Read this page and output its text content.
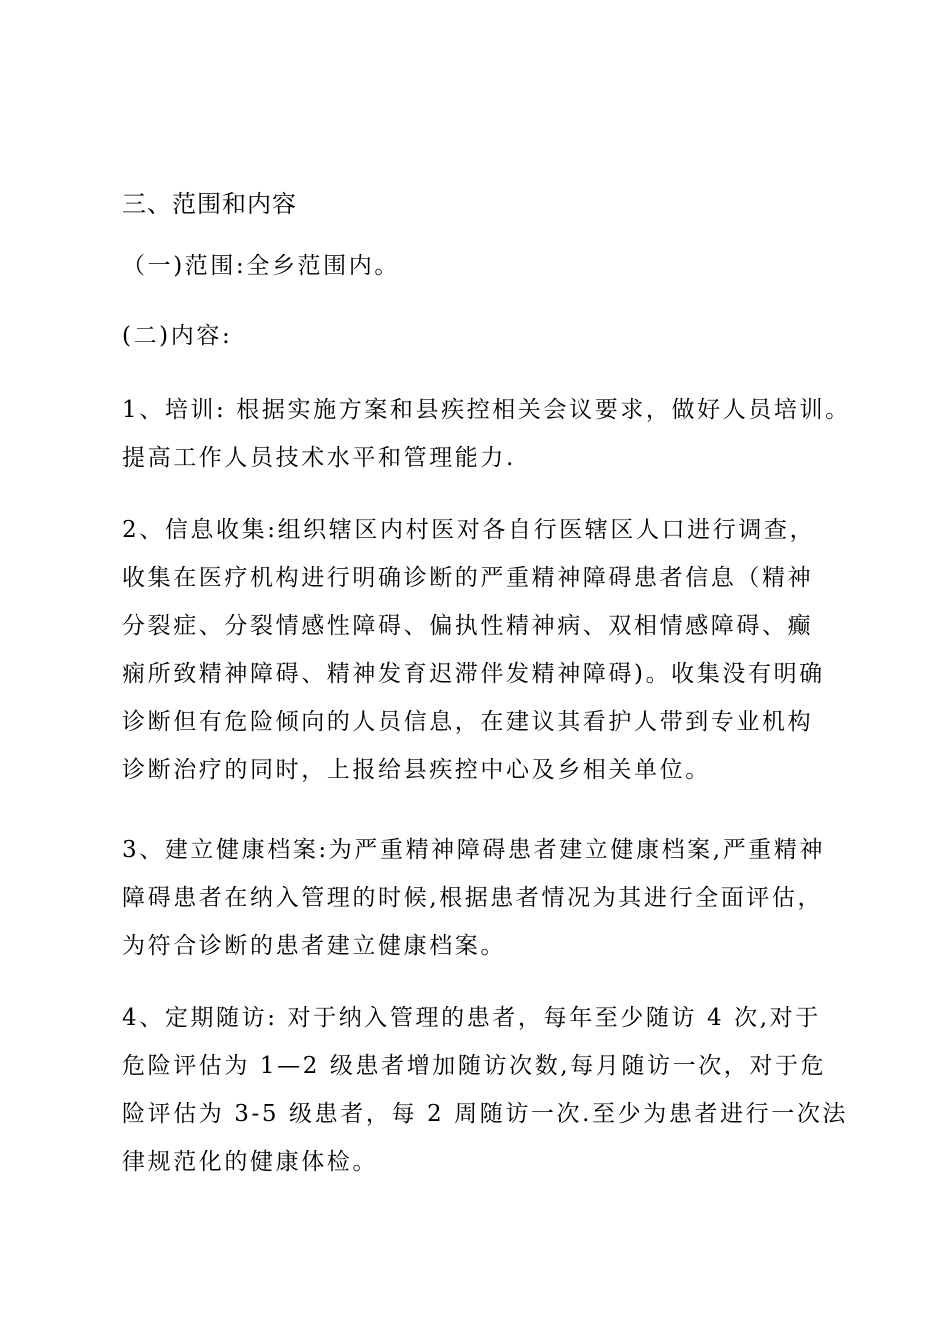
三、范围和内容
（一)范围:全乡范围内。
(二)内容:
1、培训: 根据实施方案和县疾控相关会议要求，做好人员培训。
提高工作人员技术水平和管理能力.
2、信息收集:组织辖区内村医对各自行医辖区人口进行调查，
收集在医疗机构进行明确诊断的严重精神障碍患者信息（精神
分裂症、分裂情感性障碍、偏执性精神病、双相情感障碍、癫
痫所致精神障碍、精神发育迟滞伴发精神障碍)。收集没有明确
诊断但有危险倾向的人员信息，在建议其看护人带到专业机构
诊断治疗的同时，上报给县疾控中心及乡相关单位。
3、建立健康档案:为严重精神障碍患者建立健康档案,严重精神
障碍患者在纳入管理的时候,根据患者情况为其进行全面评估，
为符合诊断的患者建立健康档案。
4、定期随访: 对于纳入管理的患者，每年至少随访 4 次,对于
危险评估为 1—2 级患者增加随访次数,每月随访一次，对于危
险评估为 3-5 级患者，每 2 周随访一次.至少为患者进行一次法
律规范化的健康体检。
